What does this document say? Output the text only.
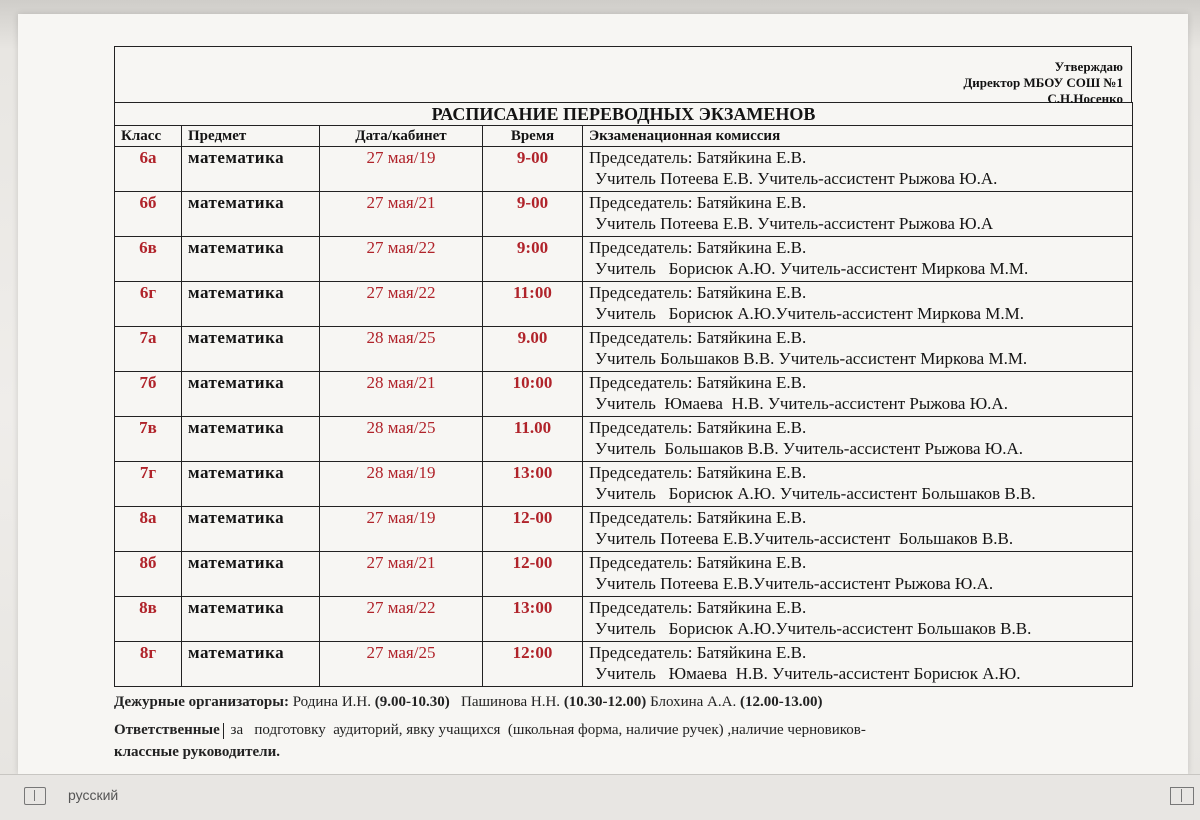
Утверждаю
Директор МБОУ СОШ №1
С.Н.Носенко
РАСПИСАНИЕ ПЕРЕВОДНЫХ ЭКЗАМЕНОВ				
Класс	Предмет	Дата/кабинет	Время	Экзаменационная комиссия
6а	математика	27 мая/19	9-00	Председатель: Батяйкина Е.В.
Учитель Потеева Е.В. Учитель-ассистент Рыжова Ю.А.

6б	математика	27 мая/21	9-00	Председатель: Батяйкина Е.В.
Учитель Потеева Е.В. Учитель-ассистент Рыжова Ю.А

6в	математика	27 мая/22	9:00	Председатель: Батяйкина Е.В.
Учитель   Борисюк А.Ю. Учитель-ассистент Миркова М.М.

6г	математика	27 мая/22	11:00	Председатель: Батяйкина Е.В.
Учитель   Борисюк А.Ю.Учитель-ассистент Миркова М.М.

7а	математика	28 мая/25	9.00	Председатель: Батяйкина Е.В.
Учитель Большаков В.В. Учитель-ассистент Миркова М.М.

7б	математика	28 мая/21	10:00	Председатель: Батяйкина Е.В.
Учитель  Юмаева  Н.В. Учитель-ассистент Рыжова Ю.А.

7в	математика	28 мая/25	11.00	Председатель: Батяйкина Е.В.
Учитель  Большаков В.В. Учитель-ассистент Рыжова Ю.А.

7г	математика	28 мая/19	13:00	Председатель: Батяйкина Е.В.
Учитель   Борисюк А.Ю. Учитель-ассистент Большаков В.В.

8а	математика	27 мая/19	12-00	Председатель: Батяйкина Е.В.
Учитель Потеева Е.В.Учитель-ассистент  Большаков В.В.

8б	математика	27 мая/21	12-00	Председатель: Батяйкина Е.В.
Учитель Потеева Е.В.Учитель-ассистент Рыжова Ю.А.

8в	математика	27 мая/22	13:00	Председатель: Батяйкина Е.В.
Учитель   Борисюк А.Ю.Учитель-ассистент Большаков В.В.

8г	математика	27 мая/25	12:00	Председатель: Батяйкина Е.В.
Учитель   Юмаева  Н.В. Учитель-ассистент Борисюк А.Ю.
Дежурные организаторы: Родина И.Н. (9.00-10.30)   Пашинова Н.Н. (10.30-12.00) Блохина А.А. (12.00-13.00)
Ответственные за   подготовку  аудиторий, явку учащихся  (школьная форма, наличие ручек) ,наличие черновиков-
классные руководители.
русский
